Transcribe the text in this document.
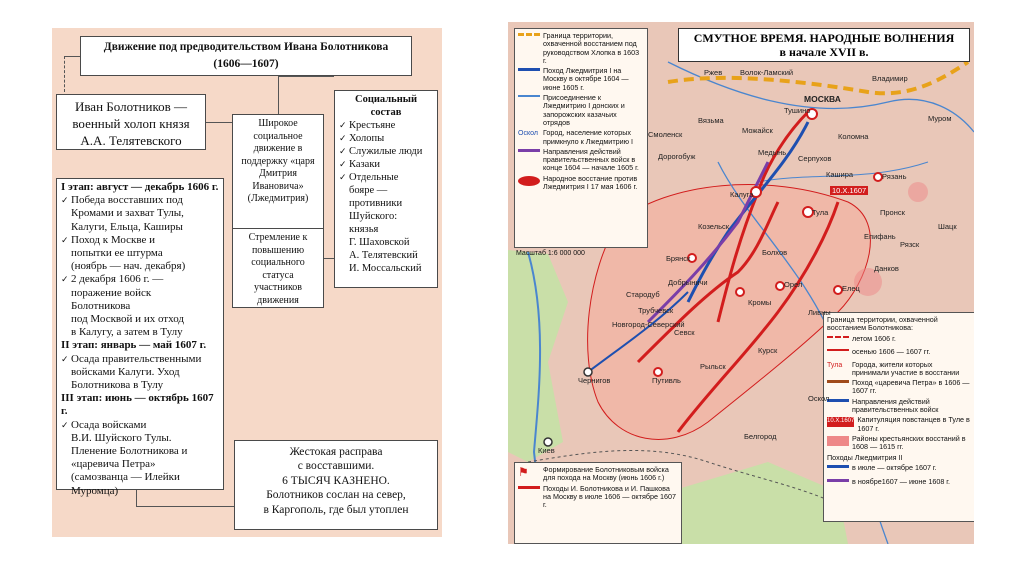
Движение под предводительством Ивана Болотникова
(1606—1607)
Иван Болотников —
военный холоп князя
А.А. Телятевского
Широкое
социальное
движение в
поддержку «царя
Дмитрия
Ивановича»
(Лжедмитрия)
Стремление к
повышению
социального
статуса
участников
движения
Социальный
состав
✓ Крестьяне
✓ Холопы
✓ Служилые люди
✓ Казаки
✓ Отдельные
бояре —
противники
Шуйского:
князья
Г. Шаховской
А. Телятевский
И. Мосcальский
I этап: август — декабрь 1606 г.
✓ Победа восставших под
Кромами и захват Тулы,
Калуги, Ельца, Каширы
✓ Поход к Москве и
попытки ее штурма
(ноябрь — нач. декабря)
✓ 2 декабря 1606 г. —
поражение войск
Болотникова
под Москвой и их отход
в Калугу, а затем в Тулу
II этап: январь — май 1607 г.
✓ Осада правительственными
войсками Калуги. Уход
Болотникова в Тулу
III этап: июнь — октябрь 1607 г.
✓ Осада войсками
В.И. Шуйского Тулы.
Пленение Болотникова и
«царевича Петра»
(самозванца — Илейки
Муромца)
Жестокая расправа
с восставшими.
6 ТЫСЯЧ КАЗНЕНО.
Болотников сослан на север,
в Каргополь, где был утоплен
СМУТНОЕ ВРЕМЯ. НАРОДНЫЕ ВОЛНЕНИЯ
в начале XVII в.
Граница территории, охваченной восстанием под руководством Хлопка в 1603 г.
Поход Лжедмитрия I на Москву в октябре 1604 — июне 1605 г.
Присоединение к Лжедмитрию I донских и запорожских казачьих отрядов
Оскол Город, население которых примкнуло к Лжедмитрию I
Направления действий правительственных войск в конце 1604 — начале 1605 г.
Народное восстание против Лжедмитрия I 17 мая 1606 г.
Масштаб 1:6 000 000
Граница территории, охваченной восстанием Болотникова:
летом 1606 г.
осенью 1606 — 1607 гг.
Тула	Города, жители которых принимали участие в восстании
Поход «царевича Петра» в 1606 — 1607 гг.
Направления действий правительственных войск
10.Х.1607 Капитуляция повстанцев в Туле в 1607 г.
Районы крестьянских восстаний в 1608 — 1615 гг.
Походы Лжедмитрия II
в июле — октябре 1607 г.
в ноябре1607 — июне 1608 г.
⚑	Формирование Болотниковым войска для похода на Москву (июнь 1606 г.)
Походы И. Болотникова и И. Пашкова на Москву в июле 1606 — октябре 1607 г.
МОСКВА
Тула
Калуга
Рязань
Брянск
Кромы
Орел	Елец
Ливны
Путивль
Чернигов
Киев
Курск
Белгород
Севск
Рыльск
Волок-Ламский
Владимир
Муром
Коломна
Тушино
Можайск
Вязьма
Смоленск
Дорогобуж
Козельск
Стародуб
Трубчевск
Новгород-Северский
Шацк
Пронск
Данков
Рязск
Епифань
Болхов
Добрыничи
Оскол
Ржев
Медынь
Серпухов
Кашира
10.Х.1607
